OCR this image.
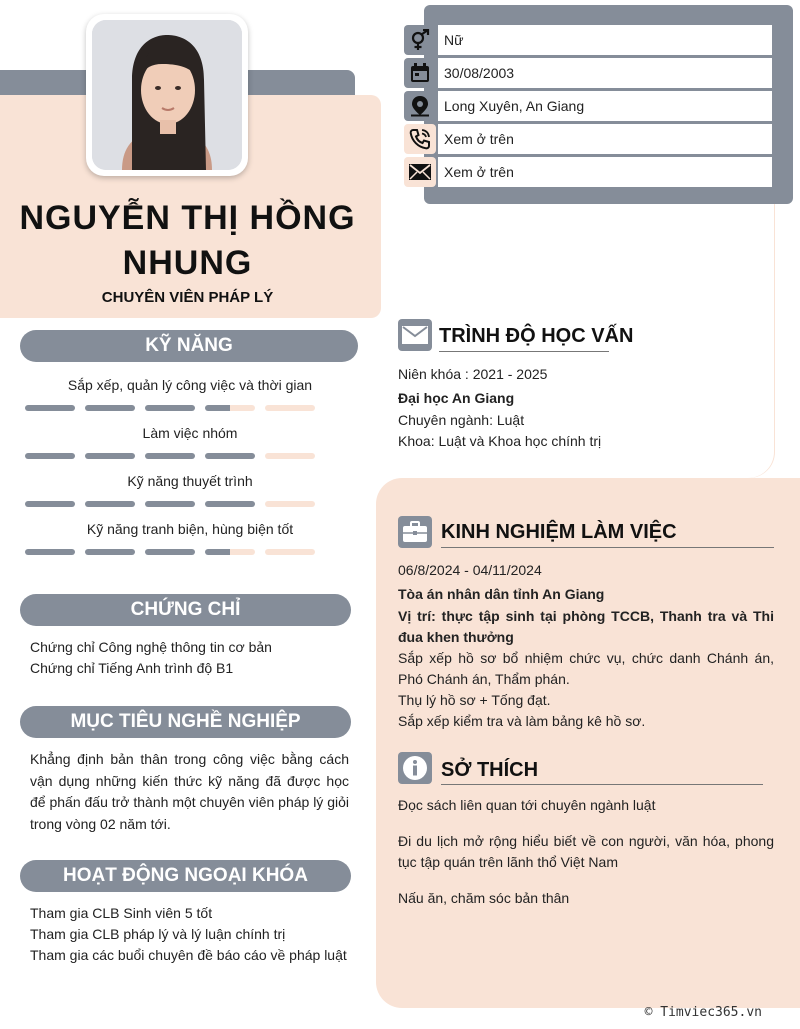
NGUYỄN THỊ HỒNG
NHUNG
CHUYÊN VIÊN PHÁP LÝ
Nữ
30/08/2003
Long Xuyên, An Giang
Xem ở trên
Xem ở trên
KỸ NĂNG
Sắp xếp, quản lý công việc và thời gian
Làm việc nhóm
Kỹ năng thuyết trình
Kỹ năng tranh biện, hùng biện tốt
CHỨNG CHỈ
Chứng chỉ Công nghệ thông tin cơ bản
Chứng chỉ Tiếng Anh trình độ B1
MỤC TIÊU NGHỀ NGHIỆP
Khẳng định bản thân trong công việc bằng cách vận dụng những kiến thức kỹ năng đã được học để phấn đấu trở thành một chuyên viên pháp lý giỏi trong vòng 02 năm tới.
HOẠT ĐỘNG NGOẠI KHÓA
Tham gia CLB Sinh viên 5 tốt
Tham gia CLB pháp lý và lý luận chính trị
Tham gia các buổi chuyên đề báo cáo về pháp luật
TRÌNH ĐỘ HỌC VẤN
Niên khóa : 2021 - 2025
Đại học An Giang
Chuyên ngành: Luật
Khoa: Luật và Khoa học chính trị
KINH NGHIỆM LÀM VIỆC
06/8/2024 - 04/11/2024
Tòa án nhân dân tỉnh An Giang
Vị trí: thực tập sinh tại phòng TCCB, Thanh tra và Thi đua khen thưởng
Sắp xếp hồ sơ bổ nhiệm chức vụ, chức danh Chánh án, Phó Chánh án, Thẩm phán.
Thụ lý hồ sơ + Tống đạt.
Sắp xếp kiểm tra và làm bảng kê hồ sơ.
SỞ THÍCH
Đọc sách liên quan tới chuyên ngành luật
Đi du lịch mở rộng hiểu biết về con người, văn hóa, phong tục tập quán trên lãnh thổ Việt Nam
Nấu ăn, chăm sóc bản thân
© Timviec365.vn
